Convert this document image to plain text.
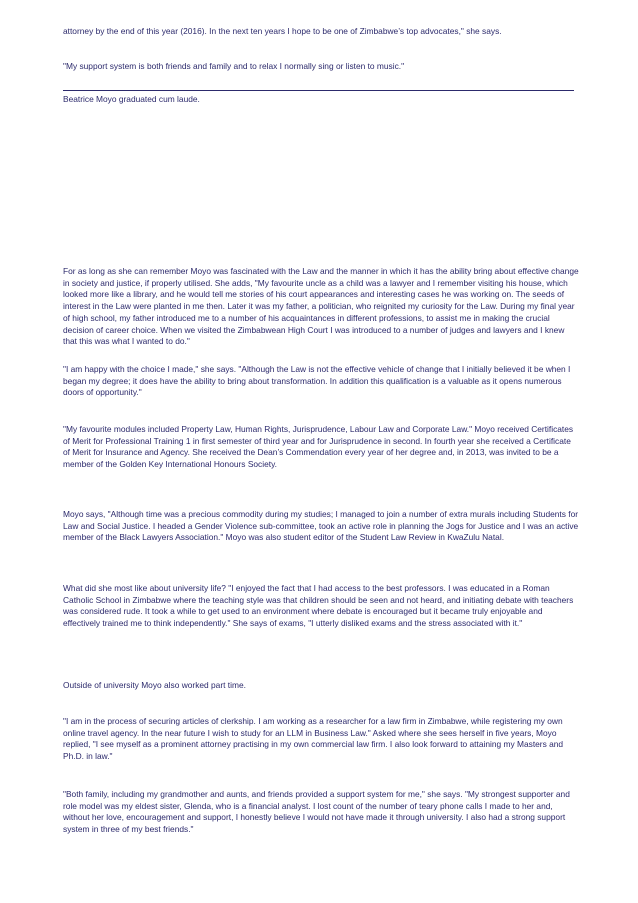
attorney by the end of this year (2016). In the next ten years I hope to be one of Zimbabwe’s top advocates," she says.

"My support system is both friends and family and to relax I normally sing or listen to music."

Beatrice Moyo graduated cum laude.

For as long as she can remember Moyo was fascinated with the Law and the manner in which it has the ability bring about effective change in society and justice, if properly utilised. She adds, "My favourite uncle as a child was a lawyer and I remember visiting his house, which looked more like a library, and he would tell me stories of his court appearances and interesting cases he was working on. The seeds of interest in the Law were planted in me then. Later it was my father, a politician, who reignited my curiosity for the Law. During my final year of high school, my father introduced me to a number of his acquaintances in different professions, to assist me in making the crucial decision of career choice. When we visited the Zimbabwean High Court I was introduced to a number of judges and lawyers and I knew that this was what I wanted to do."

"I am happy with the choice I made," she says. "Although the Law is not the effective vehicle of change that I initially believed it be when I began my degree; it does have the ability to bring about transformation. In addition this qualification is a valuable as it opens numerous doors of opportunity."

"My favourite modules included Property Law, Human Rights, Jurisprudence, Labour Law and Corporate Law." Moyo received Certificates of Merit for Professional Training 1 in first semester of third year and for Jurisprudence in second. In fourth year she received a Certificate of Merit for Insurance and Agency. She received the Dean’s Commendation every year of her degree and, in 2013, was invited to be a member of the Golden Key International Honours Society.

Moyo says, "Although time was a precious commodity during my studies; I managed to join a number of extra murals including Students for Law and Social Justice. I headed a Gender Violence sub-committee, took an active role in planning the Jogs for Justice and I was an active member of the Black Lawyers Association." Moyo was also student editor of the Student Law Review in KwaZulu Natal.

What did she most like about university life? "I enjoyed the fact that I had access to the best professors. I was educated in a Roman Catholic School in Zimbabwe where the teaching style was that children should be seen and not heard, and initiating debate with teachers was considered rude. It took a while to get used to an environment where debate is encouraged but it became truly enjoyable and effectively trained me to think independently." She says of exams, "I utterly disliked exams and the stress associated with it."

Outside of university Moyo also worked part time.

"I am in the process of securing articles of clerkship. I am working as a researcher for a law firm in Zimbabwe, while registering my own online travel agency. In the near future I wish to study for an LLM in Business Law." Asked where she sees herself in five years, Moyo replied, "I see myself as a prominent attorney practising in my own commercial law firm. I also look forward to attaining my Masters and Ph.D. in law."

"Both family, including my grandmother and aunts, and friends provided a support system for me," she says. "My strongest supporter and role model was my eldest sister, Glenda, who is a financial analyst. I lost count of the number of teary phone calls I made to her and, without her love, encouragement and support, I honestly believe I would not have made it through university. I also had a strong support system in three of my best friends."
